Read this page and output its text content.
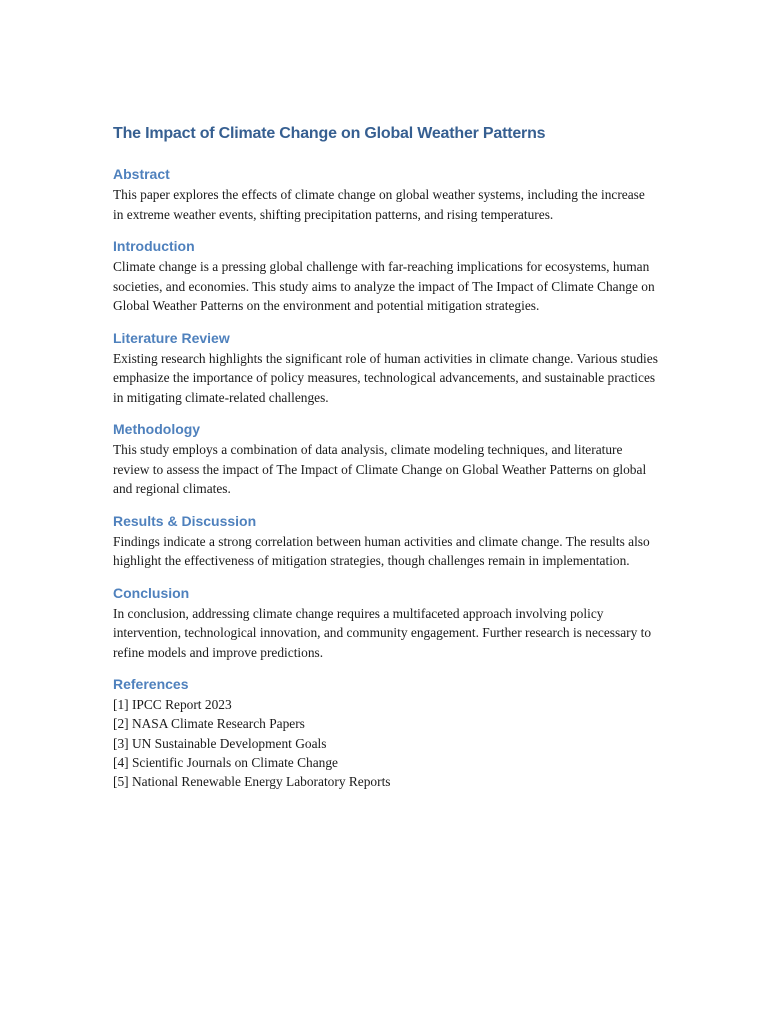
The Impact of Climate Change on Global Weather Patterns
Abstract

This paper explores the effects of climate change on global weather systems, including the increase in extreme weather events, shifting precipitation patterns, and rising temperatures.

Introduction

Climate change is a pressing global challenge with far-reaching implications for ecosystems, human societies, and economies. This study aims to analyze the impact of The Impact of Climate Change on Global Weather Patterns on the environment and potential mitigation strategies.

Literature Review

Existing research highlights the significant role of human activities in climate change. Various studies emphasize the importance of policy measures, technological advancements, and sustainable practices in mitigating climate-related challenges.

Methodology

This study employs a combination of data analysis, climate modeling techniques, and literature review to assess the impact of The Impact of Climate Change on Global Weather Patterns on global and regional climates.

Results & Discussion

Findings indicate a strong correlation between human activities and climate change. The results also highlight the effectiveness of mitigation strategies, though challenges remain in implementation.

Conclusion

In conclusion, addressing climate change requires a multifaceted approach involving policy intervention, technological innovation, and community engagement. Further research is necessary to refine models and improve predictions.

References
[1] IPCC Report 2023
[2] NASA Climate Research Papers
[3] UN Sustainable Development Goals
[4] Scientific Journals on Climate Change
[5] National Renewable Energy Laboratory Reports
